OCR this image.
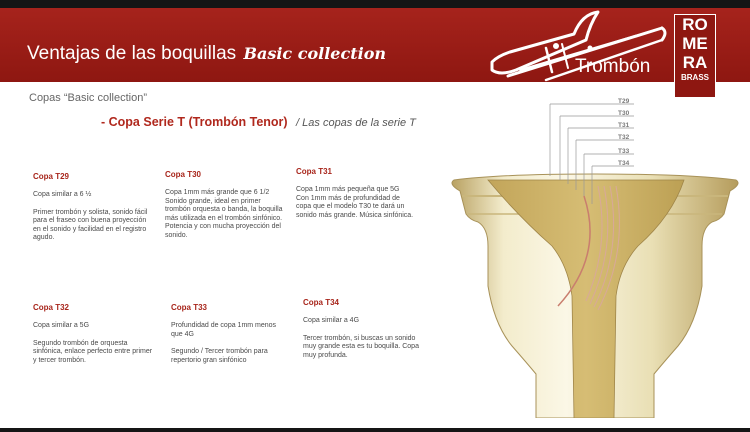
Ventajas de las boquillas Basic collection
Trombón
RO
ME
RA
BRASS
Copas “Basic collection”
- Copa Serie T (Trombón Tenor) / Las copas de la serie T

Copa T29

Copa similar a 6 ½

Primer trombón y solista, sonido fácil para el fraseo con buena proyección en el sonido y facilidad en el registro agudo.

Copa T30

Copa 1mm más grande que 6 1/2

Sonido grande, ideal en primer trombón orquesta o banda, la boquilla más utilizada en el trombón sinfónico. Potencia y con mucha proyección del sonido.

Copa T31

Copa 1mm más pequeña que 5G

Con 1mm más de profundidad de copa que el modelo T30 te dará un sonido más grande. Música sinfónica.

Copa T32

Copa similar a 5G

Segundo trombón de orquesta sinfónica, enlace perfecto entre primer y tercer trombón.

Copa T33

Profundidad de copa 1mm menos que 4G

Segundo / Tercer trombón para repertorio gran sinfónico

Copa T34

Copa similar a 4G

Tercer trombón, si buscas un sonido muy grande esta es tu boquilla. Copa muy profunda.

T29
T30
T31
T32
T33
T34
